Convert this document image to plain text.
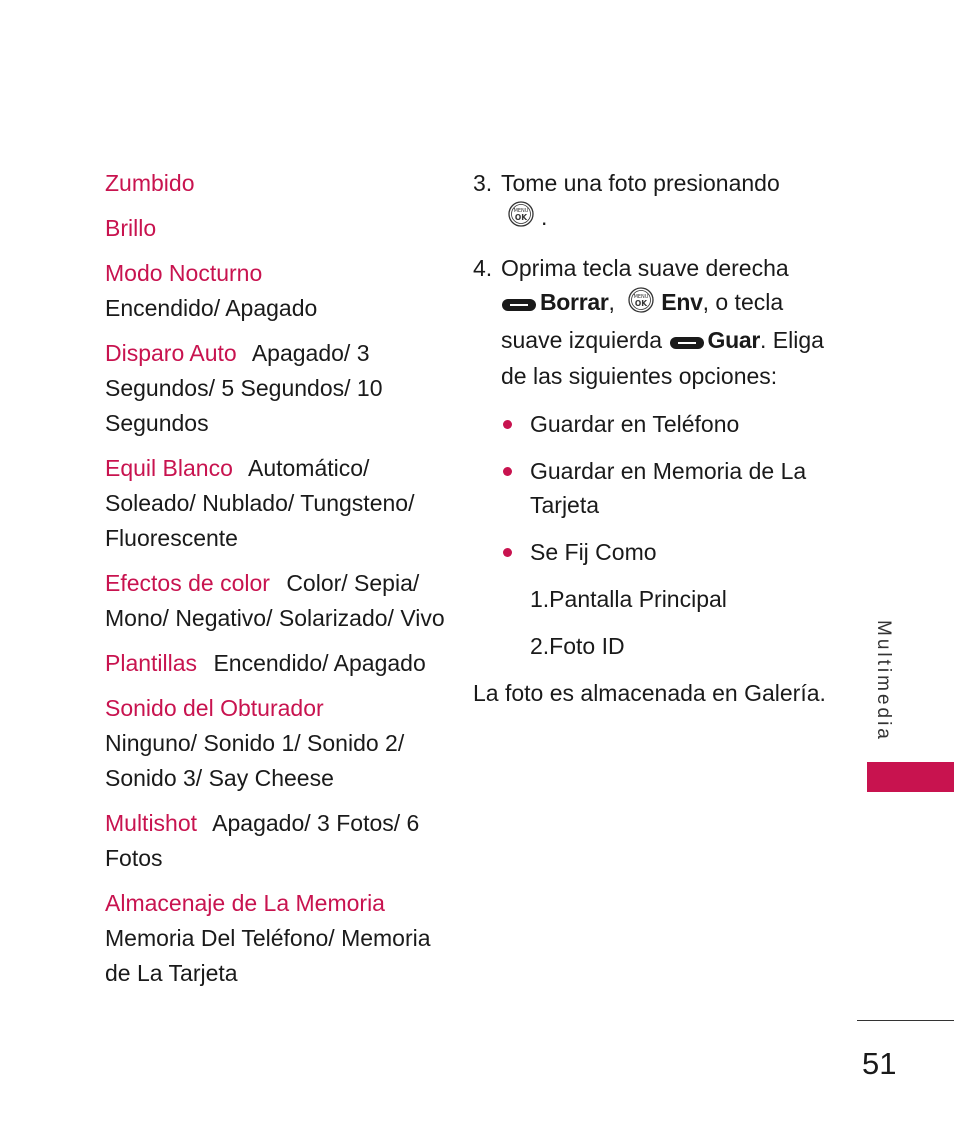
Zumbido
Brillo
Modo Nocturno
Encendido/ Apagado
Disparo Auto Apagado/ 3 Segundos/ 5 Segundos/ 10 Segundos
Equil Blanco Automático/ Soleado/ Nublado/ Tungsteno/ Fluorescente
Efectos de color Color/ Sepia/ Mono/ Negativo/ Solarizado/ Vivo
Plantillas Encendido/ Apagado
Sonido del Obturador
Ninguno/ Sonido 1/ Sonido 2/ Sonido 3/ Say Cheese
Multishot Apagado/ 3 Fotos/ 6 Fotos
Almacenaje de La Memoria
Memoria Del Teléfono/ Memoria de La Tarjeta
3. Tome una foto presionando

MENU
OK .
4. Oprima tecla suave derecha
Borrar,	MENU
OK Env, o tecla suave izquierda Guar. Eliga de las siguientes opciones:
Guardar en Teléfono
Guardar en Memoria de La Tarjeta
Se Fij Como
1.Pantalla Principal
2.Foto ID
La foto es almacenada en Galería.	Multimedia
51
